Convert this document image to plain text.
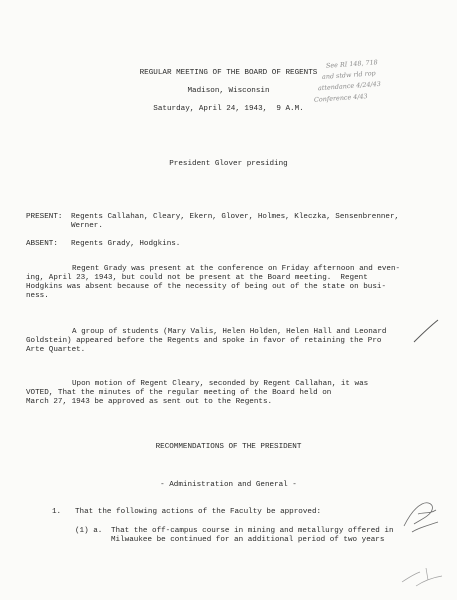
REGULAR MEETING OF THE BOARD OF REGENTS
Madison, Wisconsin
Saturday, April 24, 1943,  9 A.M.
See RI 148, 718
and stdw rld rop
attendance 4/24/43
Conference 4/43
President Glover presiding
PRESENT: Regents Callahan, Cleary, Ekern, Glover, Holmes, Kleczka, Sensenbrenner,
Werner.
ABSENT: Regents Grady, Hodgkins.
Regent Grady was present at the conference on Friday afternoon and even-
ing, April 23, 1943, but could not be present at the Board meeting.  Regent
Hodgkins was absent because of the necessity of being out of the state on busi-
ness.
A group of students (Mary Valis, Helen Holden, Helen Hall and Leonard
Goldstein) appeared before the Regents and spoke in favor of retaining the Pro
Arte Quartet.
Upon motion of Regent Cleary, seconded by Regent Callahan, it was
VOTED, That the minutes of the regular meeting of the Board held on
March 27, 1943 be approved as sent out to the Regents.
RECOMMENDATIONS OF THE PRESIDENT
- Administration and General -
1. That the following actions of the Faculty be approved:
(1) a. That the off-campus course in mining and metallurgy offered in
Milwaukee be continued for an additional period of two years
